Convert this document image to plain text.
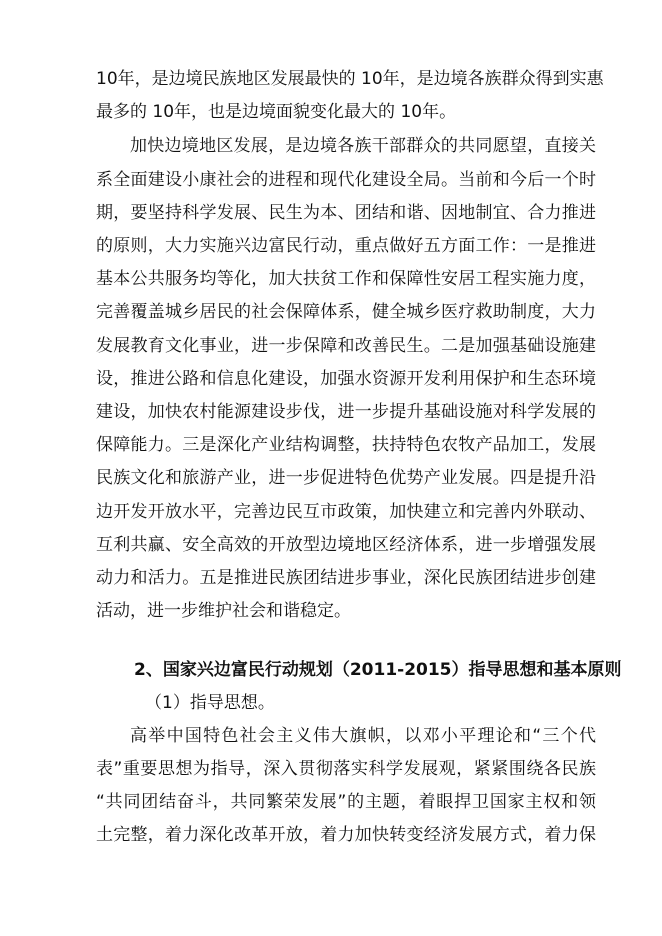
10年，是边境民族地区发展最快的 10年，是边境各族群众得到实惠
最多的 10年，也是边境面貌变化最大的 10年。
加快边境地区发展，是边境各族干部群众的共同愿望，直接关
系全面建设小康社会的进程和现代化建设全局。当前和今后一个时
期，要坚持科学发展、民生为本、团结和谐、因地制宜、合力推进
的原则，大力实施兴边富民行动，重点做好五方面工作：一是推进
基本公共服务均等化，加大扶贫工作和保障性安居工程实施力度，
完善覆盖城乡居民的社会保障体系，健全城乡医疗救助制度，大力
发展教育文化事业，进一步保障和改善民生。二是加强基础设施建
设，推进公路和信息化建设，加强水资源开发利用保护和生态环境
建设，加快农村能源建设步伐，进一步提升基础设施对科学发展的
保障能力。三是深化产业结构调整，扶持特色农牧产品加工，发展
民族文化和旅游产业，进一步促进特色优势产业发展。四是提升沿
边开发开放水平，完善边民互市政策，加快建立和完善内外联动、
互利共赢、安全高效的开放型边境地区经济体系，进一步增强发展
动力和活力。五是推进民族团结进步事业，深化民族团结进步创建
活动，进一步维护社会和谐稳定。
2、国家兴边富民行动规划（2011-2015）指导思想和基本原则
（1）指导思想。
高举中国特色社会主义伟大旗帜，以邓小平理论和“三个代
表”重要思想为指导，深入贯彻落实科学发展观，紧紧围绕各民族
“共同团结奋斗，共同繁荣发展”的主题，着眼捍卫国家主权和领
土完整，着力深化改革开放，着力加快转变经济发展方式，着力保
